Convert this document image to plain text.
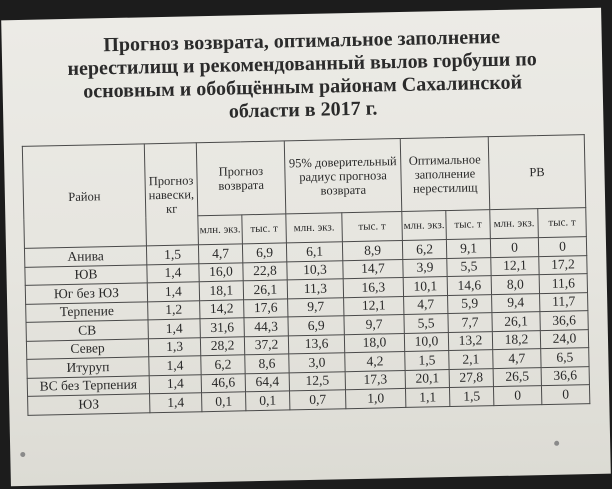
Прогноз возврата, оптимальное заполнение
нерестилищ и рекомендованный вылов горбуши по
основным и обобщённым районам Сахалинской
области в 2017 г.
Район	Прогноз навески, кг	Прогноз возврата		95% доверительный радиус прогноза возврата		Оптимальное заполнение нерестилищ		РВ	
		млн. экз.	тыс. т	млн. экз.	тыс. т	млн. экз.	тыс. т	млн. экз.	тыс. т
Анива	1,5	4,7	6,9	6,1	8,9	6,2	9,1	0	0
ЮВ	1,4	16,0	22,8	10,3	14,7	3,9	5,5	12,1	17,2
Юг без ЮЗ	1,4	18,1	26,1	11,3	16,3	10,1	14,6	8,0	11,6
Терпение	1,2	14,2	17,6	9,7	12,1	4,7	5,9	9,4	11,7
СВ	1,4	31,6	44,3	6,9	9,7	5,5	7,7	26,1	36,6
Север	1,3	28,2	37,2	13,6	18,0	10,0	13,2	18,2	24,0
Итуруп	1,4	6,2	8,6	3,0	4,2	1,5	2,1	4,7	6,5
ВС без Терпения	1,4	46,6	64,4	12,5	17,3	20,1	27,8	26,5	36,6
ЮЗ	1,4	0,1	0,1	0,7	1,0	1,1	1,5	0	0
